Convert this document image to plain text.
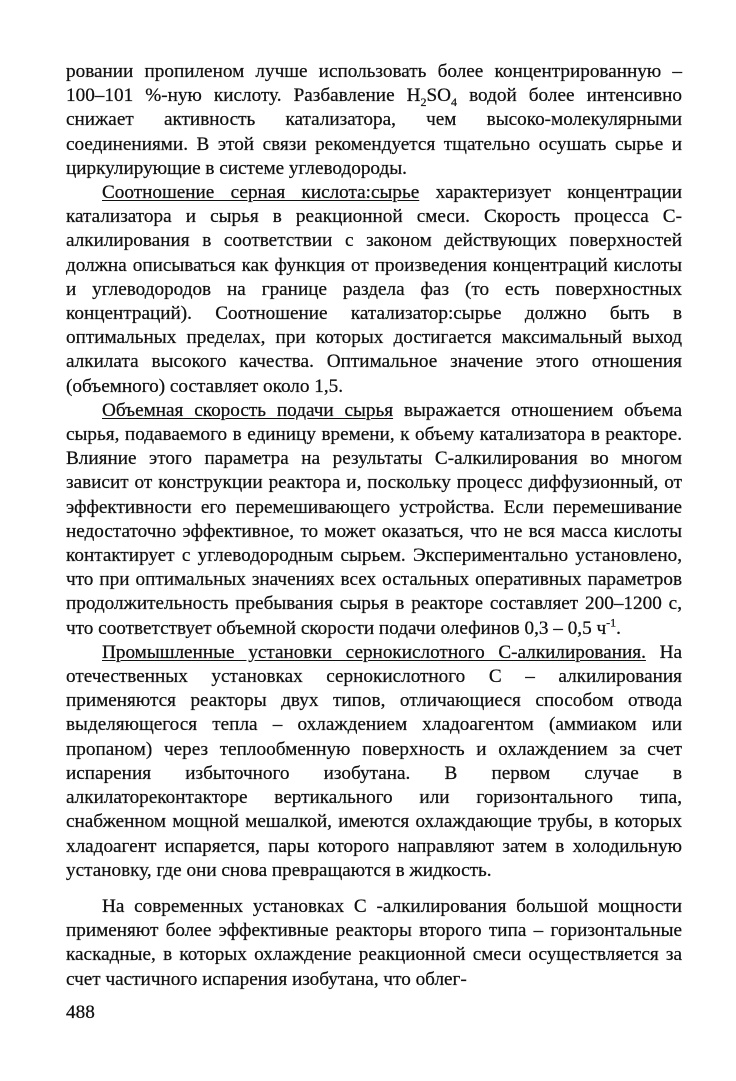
ровании пропиленом лучше использовать более концентрированную – 100–101 %-ную кислоту. Разбавление $H_2SO_4$ водой более интенсивно снижает активность катализатора, чем высоко-молекулярными соединениями. В этой связи рекомендуется тщательно осушать сырье и циркулирующие в системе углеводороды.

Соотношение серная кислота:сырье характеризует концентрации катализатора и сырья в реакционной смеси. Скорость процесса С-алкилирования в соответствии с законом действующих поверхностей должна описываться как функция от произведения концентраций кислоты и углеводородов на границе раздела фаз (то есть поверхностных концентраций). Соотношение катализатор:сырье должно быть в оптимальных пределах, при которых достигается максимальный выход алкилата высокого качества. Оптимальное значение этого отношения (объемного) составляет около 1,5.

Объемная скорость подачи сырья выражается отношением объема сырья, подаваемого в единицу времени, к объему катализатора в реакторе. Влияние этого параметра на результаты С-алкилирования во многом зависит от конструкции реактора и, поскольку процесс диффузионный, от эффективности его перемешивающего устройства. Если перемешивание недостаточно эффективное, то может оказаться, что не вся масса кислоты контактирует с углеводородным сырьем. Экспериментально установлено, что при оптимальных значениях всех остальных оперативных параметров продолжительность пребывания сырья в реакторе составляет 200–1200 с, что соответствует объемной скорости подачи олефинов 0,3 – 0,5 $ч^{-1}$.

Промышленные установки сернокислотного С-алкилирования. На отечественных установках сернокислотного С – алкилирования применяются реакторы двух типов, отличающиеся способом отвода выделяющегося тепла – охлаждением хладоагентом (аммиаком или пропаном) через теплообменную поверхность и охлаждением за счет испарения избыточного изобутана. В первом случае в алкилатореконтакторе вертикального или горизонтального типа, снабженном мощной мешалкой, имеются охлаждающие трубы, в которых хладоагент испаряется, пары которого направляют затем в холодильную установку, где они снова превращаются в жидкость.

На современных установках С -алкилирования большой мощности применяют более эффективные реакторы второго типа – горизонтальные каскадные, в которых охлаждение реакционной смеси осуществляется за счет частичного испарения изобутана, что облег-

488
